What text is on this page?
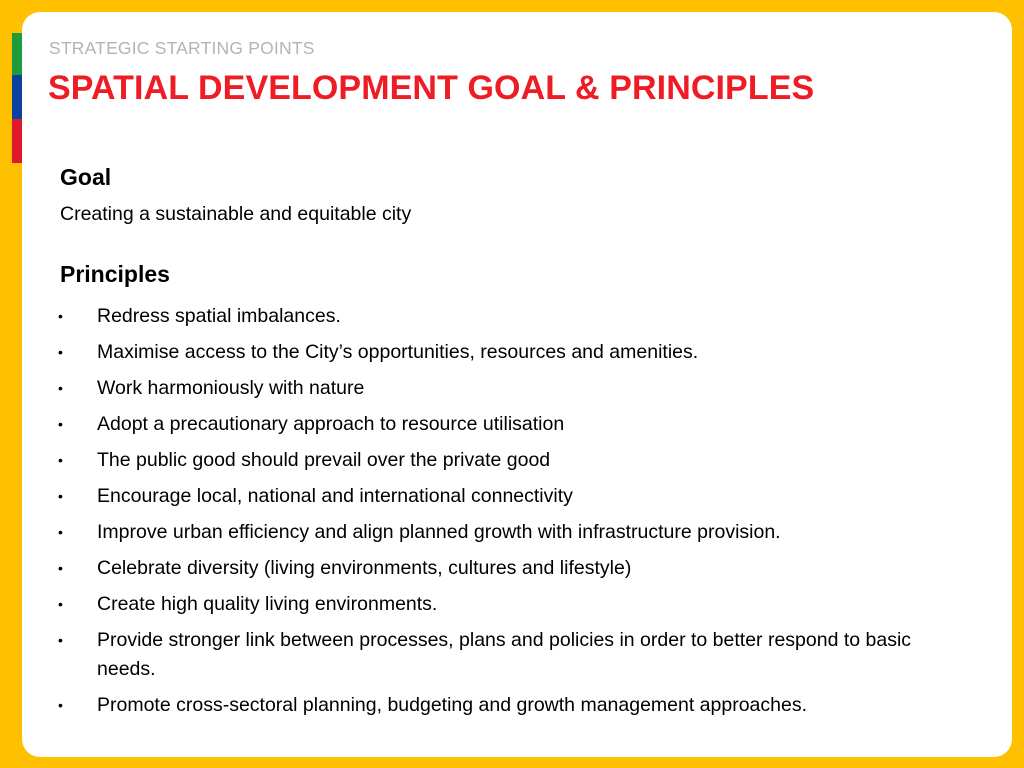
STRATEGIC STARTING POINTS
SPATIAL DEVELOPMENT GOAL & PRINCIPLES
Goal
Creating a sustainable and equitable city
Principles
•	Redress spatial imbalances.
•	Maximise access to the City’s opportunities, resources and amenities.
•	Work harmoniously with nature
•	Adopt a precautionary approach to resource utilisation
•	The public good should prevail over the private good
•	Encourage local, national and international connectivity
•	Improve urban efficiency and align planned growth with infrastructure provision.
•	Celebrate diversity (living environments, cultures and lifestyle)
•	Create high quality living environments.
•	Provide stronger link between processes, plans and policies in order to better respond to basic needs.
•	Promote cross-sectoral planning, budgeting and growth management approaches.
